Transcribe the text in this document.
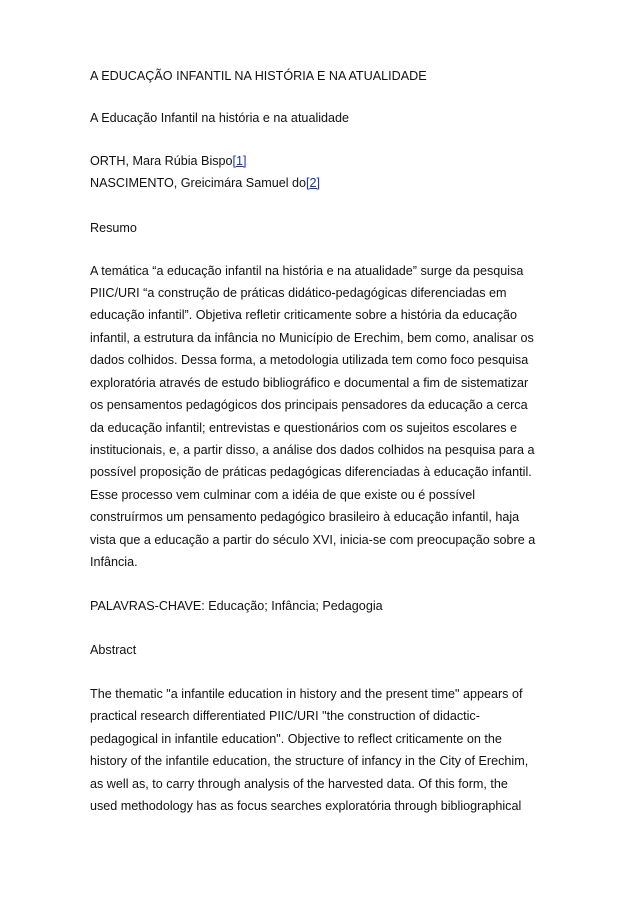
A EDUCAÇÃO INFANTIL NA HISTÓRIA E NA ATUALIDADE
A Educação Infantil na história e na atualidade
ORTH, Mara Rúbia Bispo[1]
NASCIMENTO, Greicimára Samuel do[2]
Resumo
A temática “a educação infantil na história e na atualidade” surge da pesquisa
PIIC/URI “a construção de práticas didático-pedagógicas diferenciadas em
educação infantil”. Objetiva refletir criticamente sobre a história da educação
infantil, a estrutura da infância no Município de Erechim, bem como, analisar os
dados colhidos. Dessa forma, a metodologia utilizada tem como foco pesquisa
exploratória através de estudo bibliográfico e documental a fim de sistematizar
os pensamentos pedagógicos dos principais pensadores da educação a cerca
da educação infantil; entrevistas e questionários com os sujeitos escolares e
institucionais, e, a partir disso, a análise dos dados colhidos na pesquisa para a
possível proposição de práticas pedagógicas diferenciadas à educação infantil.
Esse processo vem culminar com a idéia de que existe ou é possível
construírmos um pensamento pedagógico brasileiro à educação infantil, haja
vista que a educação a partir do século XVI, inicia-se com preocupação sobre a
Infância.
PALAVRAS-CHAVE: Educação; Infância; Pedagogia
Abstract
The thematic "a infantile education in history and the present time" appears of
practical research differentiated PIIC/URI "the construction of didactic-
pedagogical in infantile education". Objective to reflect criticamente on the
history of the infantile education, the structure of infancy in the City of Erechim,
as well as, to carry through analysis of the harvested data. Of this form, the
used methodology has as focus searches exploratória through bibliographical
